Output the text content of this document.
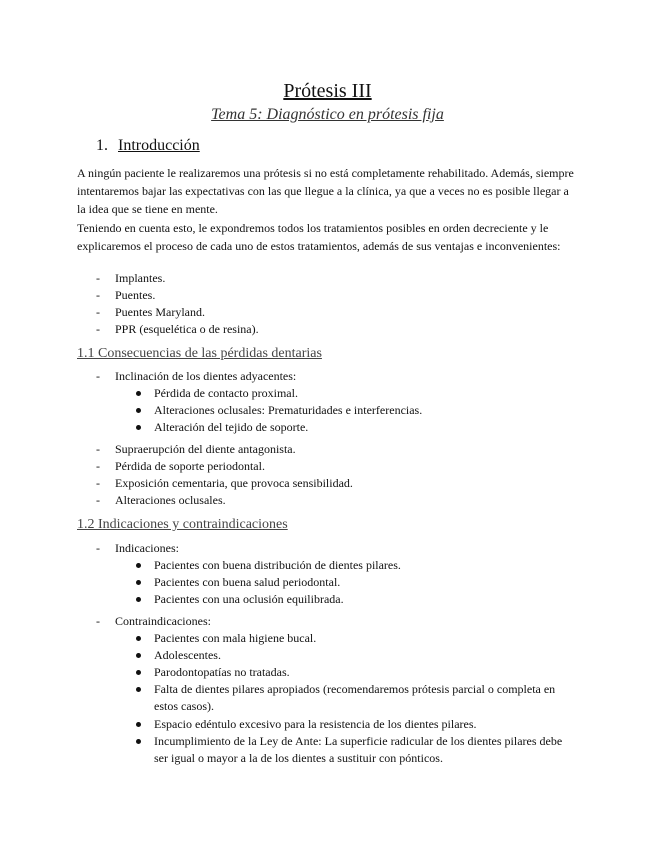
Prótesis III
Tema 5: Diagnóstico en prótesis fija
1. Introducción
A ningún paciente le realizaremos una prótesis si no está completamente rehabilitado. Además, siempre intentaremos bajar las expectativas con las que llegue a la clínica, ya que a veces no es posible llegar a la idea que se tiene en mente.
Teniendo en cuenta esto, le expondremos todos los tratamientos posibles en orden decreciente y le explicaremos el proceso de cada uno de estos tratamientos, además de sus ventajas e inconvenientes:
- Implantes.
- Puentes.
- Puentes Maryland.
- PPR (esquelética o de resina).
1.1 Consecuencias de las pérdidas dentarias
- Inclinación de los dientes adyacentes:
Pérdida de contacto proximal.
Alteraciones oclusales: Prematuridades e interferencias.
Alteración del tejido de soporte.
- Supraerupción del diente antagonista.
- Pérdida de soporte periodontal.
- Exposición cementaria, que provoca sensibilidad.
- Alteraciones oclusales.
1.2 Indicaciones y contraindicaciones
- Indicaciones:
Pacientes con buena distribución de dientes pilares.
Pacientes con buena salud periodontal.
Pacientes con una oclusión equilibrada.
- Contraindicaciones:
Pacientes con mala higiene bucal.
Adolescentes.
Parodontopatías no tratadas.
Falta de dientes pilares apropiados (recomendaremos prótesis parcial o completa en estos casos).
Espacio edéntulo excesivo para la resistencia de los dientes pilares.
Incumplimiento de la Ley de Ante: La superficie radicular de los dientes pilares debe ser igual o mayor a la de los dientes a sustituir con pónticos.
